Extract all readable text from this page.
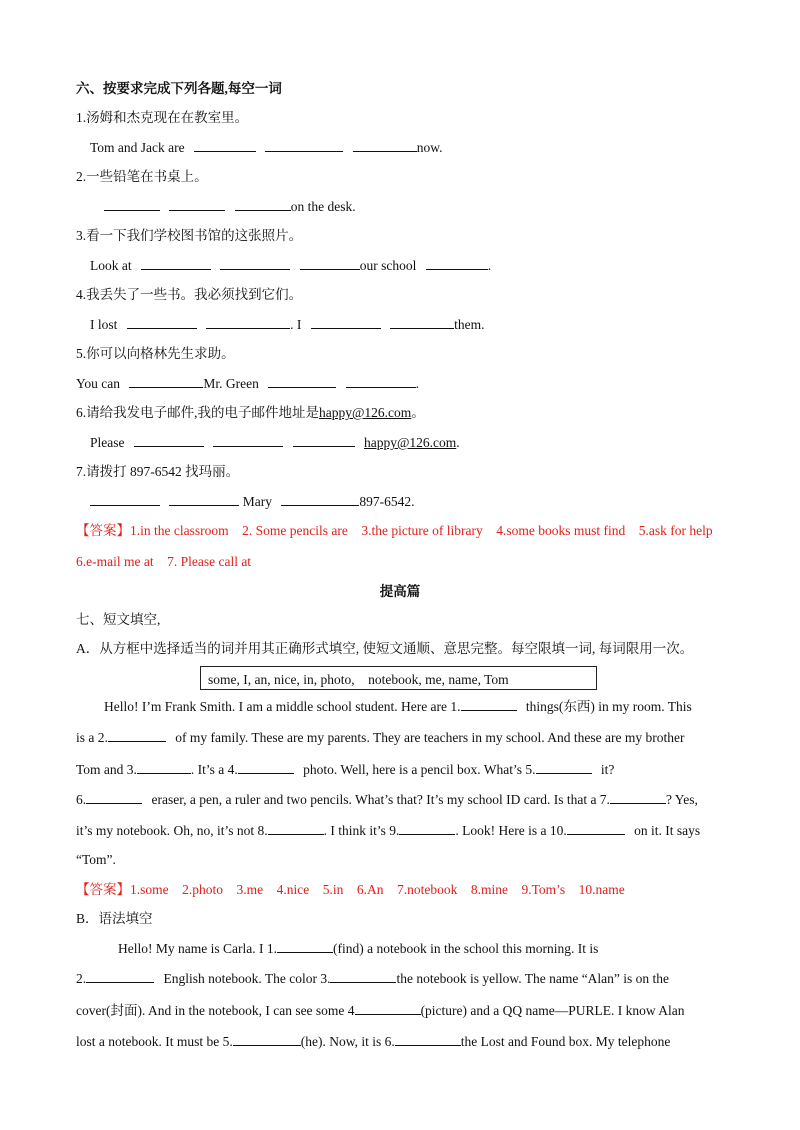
六、按要求完成下列各题,每空一词
1.汤姆和杰克现在在教室里。
Tom and Jack are	now.
2.一些铅笔在书桌上。
on the desk.
3.看一下我们学校图书馆的这张照片。
Look at	our school	.
4.我丢失了一些书。我必须找到它们。
I lost	. I	them.
5.你可以向格林先生求助。
You can	Mr. Green	.
6.请给我发电子邮件,我的电子邮件地址是happy@126.com。
Please	happy@126.com.
7.请拨打 897-6542 找玛丽。
Mary	897-6542.
【答案】1.in the classroom　2. Some pencils are　3.the picture of library　4.some books must find　5.ask for help
6.e-mail me at　7. Please call at
提高篇
七、短文填空,
A．从方框中选择适当的词并用其正确形式填空, 使短文通顺、意思完整。每空限填一词, 每词限用一次。
some, I, an, nice, in, photo,　notebook, me, name, Tom
Hello! I’m Frank Smith. I am a middle school student. Here are 1.	things(东西) in my room. This
is a 2.	of my family. These are my parents. They are teachers in my school. And these are my brother
Tom and 3.	. It’s a 4.	photo. Well, here is a pencil box. What’s 5.	it?
6.	eraser, a pen, a ruler and two pencils. What’s that? It’s my school ID card. Is that a 7.	? Yes,
it’s my notebook. Oh, no, it’s not 8.	. I think it’s 9.	. Look! Here is a 10.	on it. It says
“Tom”.
【答案】1.some　2.photo　3.me　4.nice　5.in　6.An　7.notebook　8.mine　9.Tom’s　10.name
B．语法填空
Hello! My name is Carla. I 1.	(find) a notebook in the school this morning. It is
2.	English notebook. The color 3.	the notebook is yellow. The name “Alan” is on the
cover(封面). And in the notebook, I can see some 4	(picture) and a QQ name—PURLE. I know Alan
lost a notebook. It must be 5.	(he). Now, it is 6.	the Lost and Found box. My telephone
